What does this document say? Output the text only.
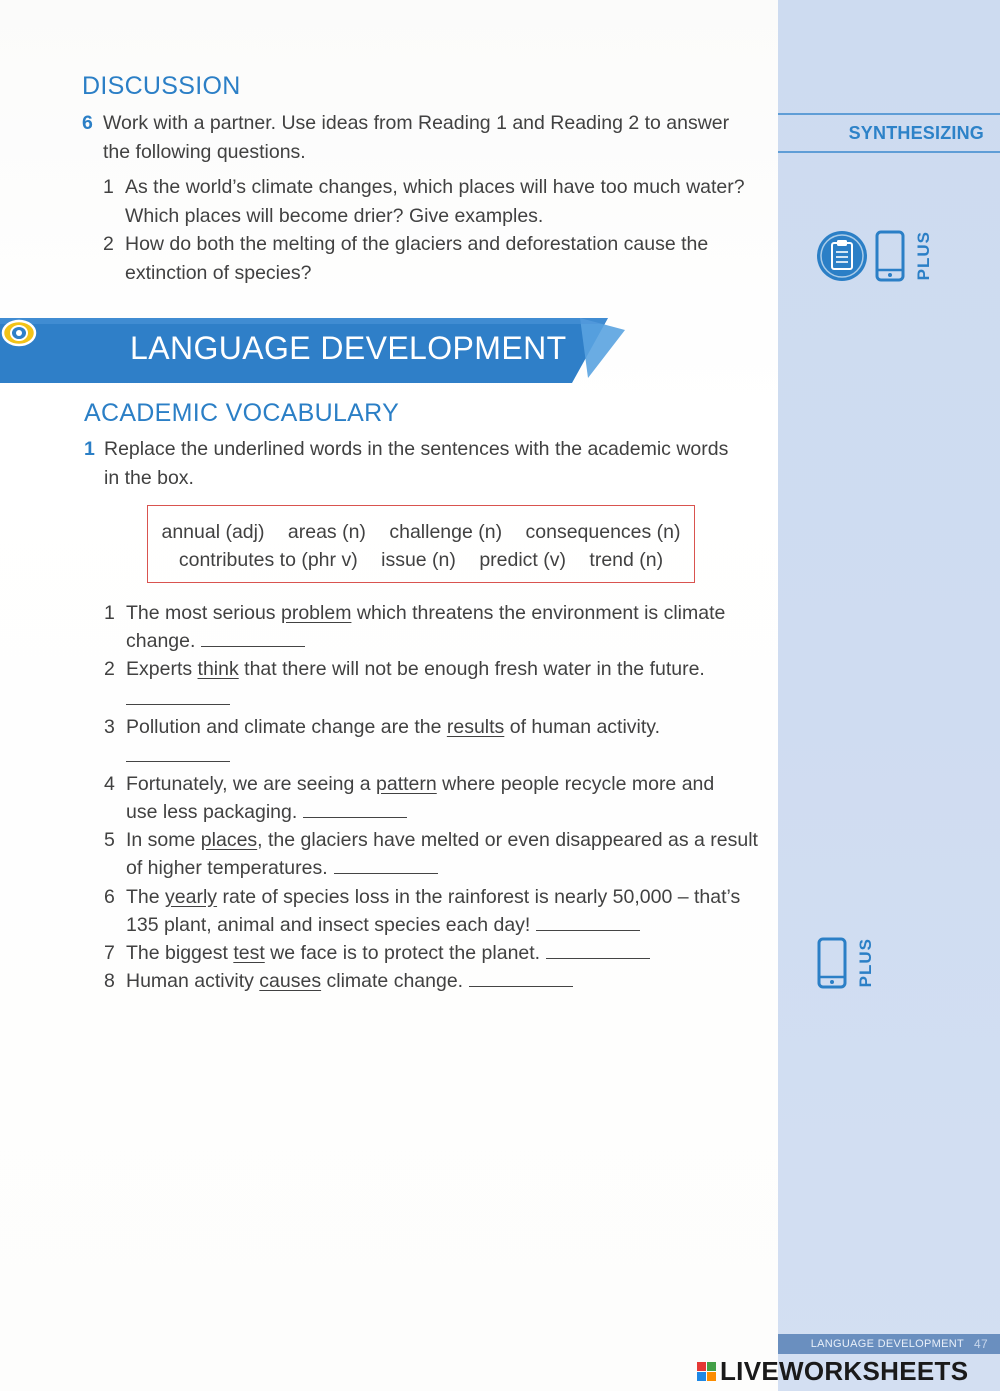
SYNTHESIZING
PLUS
PLUS
DISCUSSION
6 Work with a partner. Use ideas from Reading 1 and Reading 2 to answer
the following questions.
1 As the world’s climate changes, which places will have too much water?
Which places will become drier? Give examples.
2 How do both the melting of the glaciers and deforestation cause the
extinction of species?
LANGUAGE DEVELOPMENT
ACADEMIC VOCABULARY
1 Replace the underlined words in the sentences with the academic words
in the box.
annual (adj) areas (n) challenge (n) consequences (n)
contributes to (phr v) issue (n) predict (v) trend (n)
1 The most serious problem which threatens the environment is climate
change.
2 Experts think that there will not be enough fresh water in the future.
3 Pollution and climate change are the results of human activity.
4 Fortunately, we are seeing a pattern where people recycle more and
use less packaging.
5 In some places, the glaciers have melted or even disappeared as a result
of higher temperatures.
6 The yearly rate of species loss in the rainforest is nearly 50,000 – that’s
135 plant, animal and insect species each day!
7 The biggest test we face is to protect the planet.
8 Human activity causes climate change.
LANGUAGE DEVELOPMENT 47
LIVEWORKSHEETS
